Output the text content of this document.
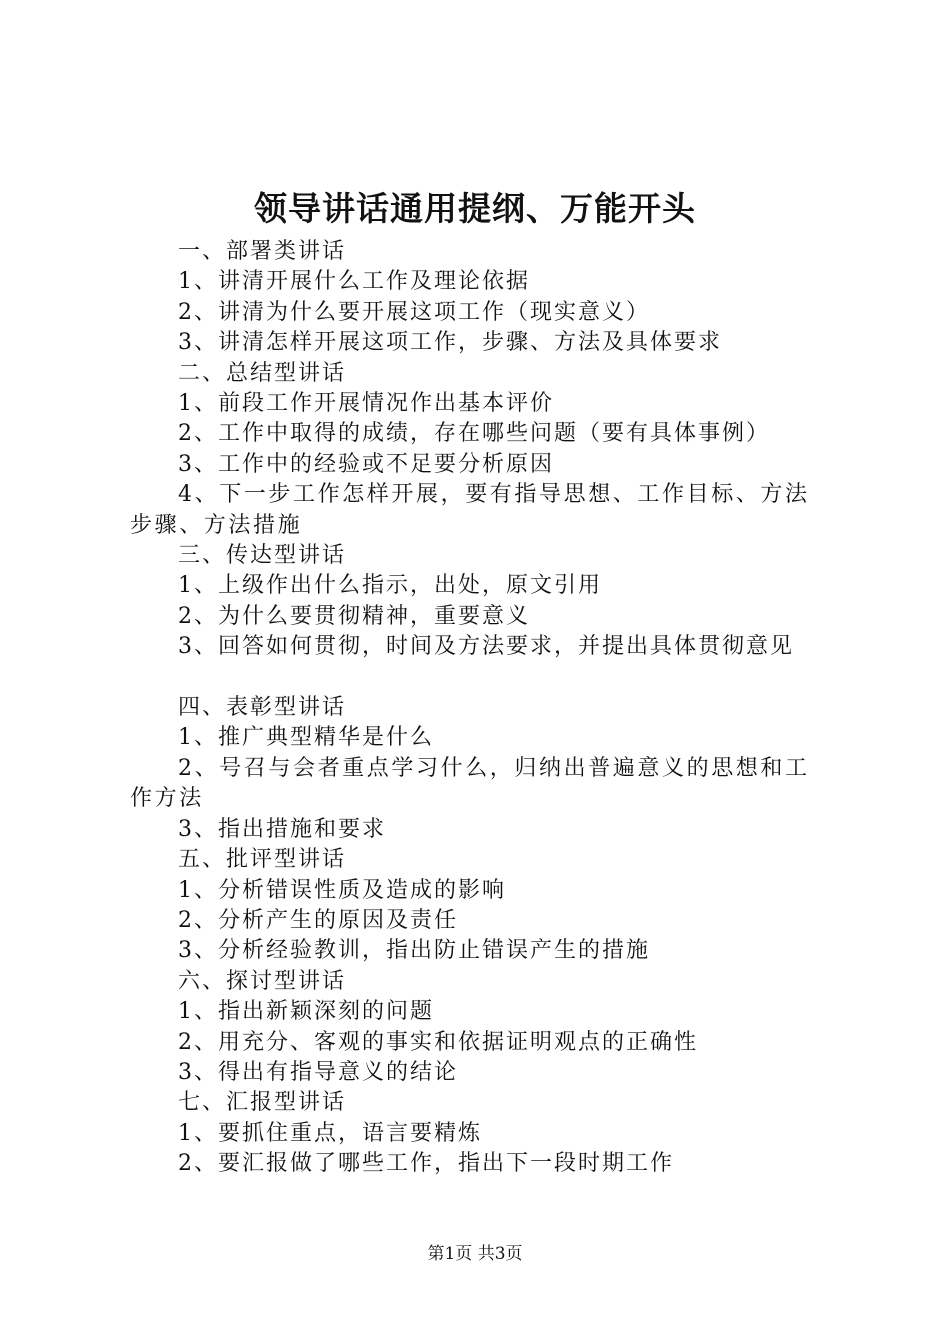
领导讲话通用提纲、万能开头

一、部署类讲话

1、讲清开展什么工作及理论依据

2、讲清为什么要开展这项工作（现实意义）

3、讲清怎样开展这项工作，步骤、方法及具体要求

二、总结型讲话

1、前段工作开展情况作出基本评价

2、工作中取得的成绩，存在哪些问题（要有具体事例）

3、工作中的经验或不足要分析原因

4、下一步工作怎样开展，要有指导思想、工作目标、方法步骤、方法措施

三、传达型讲话

1、上级作出什么指示，出处，原文引用

2、为什么要贯彻精神，重要意义

3、回答如何贯彻，时间及方法要求，并提出具体贯彻意见

四、表彰型讲话

1、推广典型精华是什么

2、号召与会者重点学习什么，归纳出普遍意义的思想和工作方法

3、指出措施和要求

五、批评型讲话

1、分析错误性质及造成的影响

2、分析产生的原因及责任

3、分析经验教训，指出防止错误产生的措施

六、探讨型讲话

1、指出新颖深刻的问题

2、用充分、客观的事实和依据证明观点的正确性

3、得出有指导意义的结论

七、汇报型讲话

1、要抓住重点，语言要精炼

2、要汇报做了哪些工作，指出下一段时期工作

第1页 共3页
